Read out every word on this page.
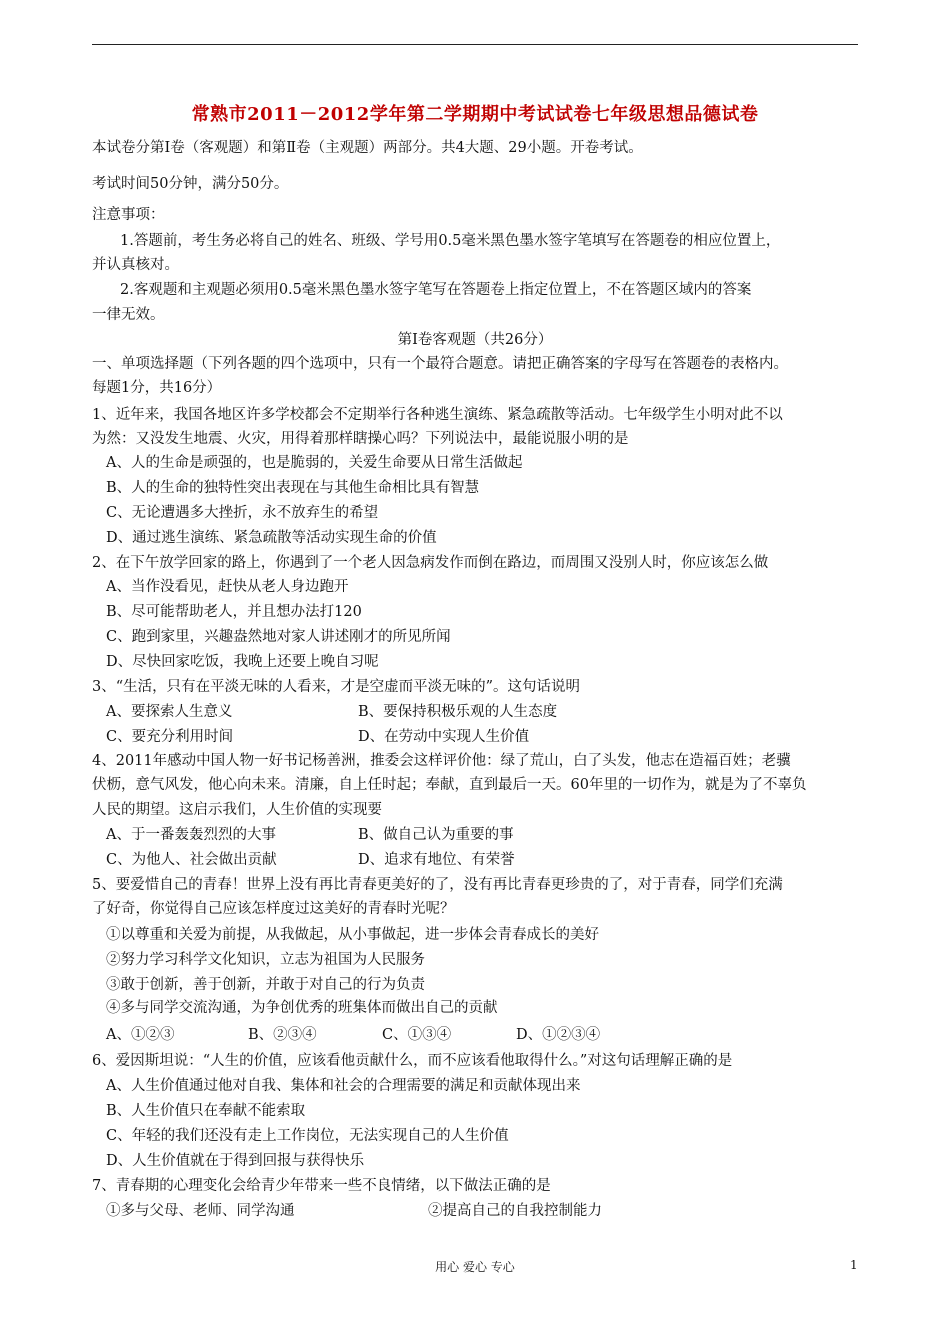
常熟市2011－2012学年第二学期期中考试试卷七年级思想品德试卷
本试卷分第Ⅰ卷（客观题）和第Ⅱ卷（主观题）两部分。共4大题、29小题。开卷考试。
考试时间50分钟，满分50分。
注意事项：
1.答题前，考生务必将自己的姓名、班级、学号用0.5毫米黑色墨水签字笔填写在答题卷的相应位置上，
并认真核对。
2.客观题和主观题必须用0.5毫米黑色墨水签字笔写在答题卷上指定位置上，不在答题区域内的答案
一律无效。
第Ⅰ卷客观题（共26分）
一、单项选择题（下列各题的四个选项中，只有一个最符合题意。请把正确答案的字母写在答题卷的表格内。
每题1分，共16分）
1、近年来，我国各地区许多学校都会不定期举行各种逃生演练、紧急疏散等活动。七年级学生小明对此不以
为然：又没发生地震、火灾，用得着那样瞎操心吗？下列说法中，最能说服小明的是
A、人的生命是顽强的，也是脆弱的，关爱生命要从日常生活做起
B、人的生命的独特性突出表现在与其他生命相比具有智慧
C、无论遭遇多大挫折，永不放弃生的希望
D、通过逃生演练、紧急疏散等活动实现生命的价值
2、在下午放学回家的路上，你遇到了一个老人因急病发作而倒在路边，而周围又没别人时，你应该怎么做
A、当作没看见，赶快从老人身边跑开
B、尽可能帮助老人，并且想办法打120
C、跑到家里，兴趣盎然地对家人讲述刚才的所见所闻
D、尽快回家吃饭，我晚上还要上晚自习呢
3、“生活，只有在平淡无味的人看来，才是空虚而平淡无味的”。这句话说明
A、要探索人生意义	B、要保持积极乐观的人生态度
C、要充分利用时间	D、在劳动中实现人生价值
4、2011年感动中国人物一好书记杨善洲，推委会这样评价他：绿了荒山，白了头发，他志在造福百姓；老骥
伏枥，意气风发，他心向未来。清廉，自上任时起；奉献，直到最后一天。60年里的一切作为，就是为了不辜负
人民的期望。这启示我们，人生价值的实现要
A、于一番轰轰烈烈的大事	B、做自己认为重要的事
C、为他人、社会做出贡献	D、追求有地位、有荣誉
5、要爱惜自己的青春！世界上没有再比青春更美好的了，没有再比青春更珍贵的了，对于青春，同学们充满
了好奇，你觉得自己应该怎样度过这美好的青春时光呢？
①以尊重和关爱为前提，从我做起，从小事做起，进一步体会青春成长的美好
②努力学习科学文化知识，立志为祖国为人民服务
③敢于创新，善于创新，并敢于对自己的行为负责
④多与同学交流沟通，为争创优秀的班集体而做出自己的贡献
A、①②③	B、②③④	C、①③④	D、①②③④
6、爱因斯坦说：“人生的价值，应该看他贡献什么，而不应该看他取得什么。”对这句话理解正确的是
A、人生价值通过他对自我、集体和社会的合理需要的满足和贡献体现出来
B、人生价值只在奉献不能索取
C、年轻的我们还没有走上工作岗位，无法实现自己的人生价值
D、人生价值就在于得到回报与获得快乐
7、青春期的心理变化会给青少年带来一些不良情绪，以下做法正确的是
①多与父母、老师、同学沟通	②提高自己的自我控制能力
用心 爱心 专心	1
